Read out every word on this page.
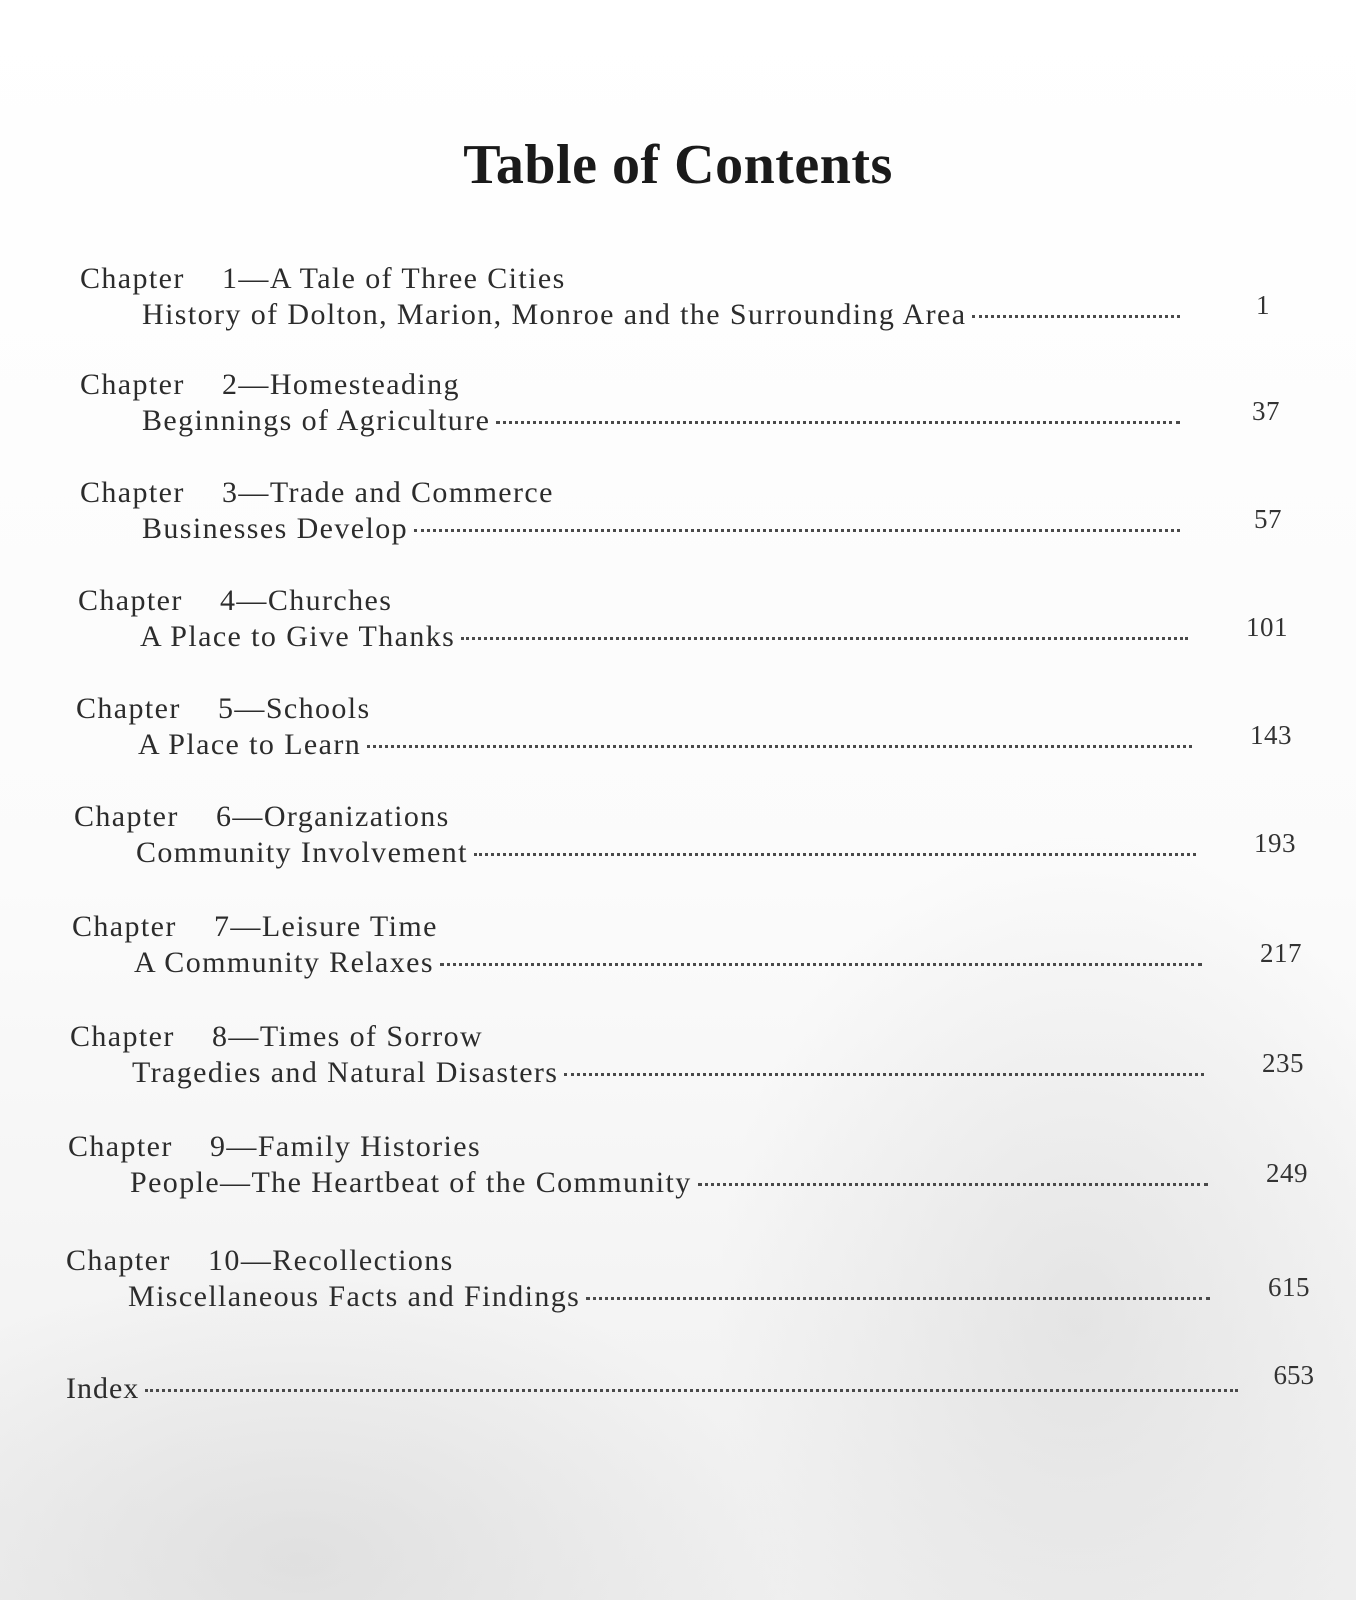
Table of Contents
Chapter 1—A Tale of Three Cities
History of Dolton, Marion, Monroe and the Surrounding Area	1
Chapter 2—Homesteading
Beginnings of Agriculture	37
Chapter 3—Trade and Commerce
Businesses Develop	57
Chapter 4—Churches
A Place to Give Thanks	101
Chapter 5—Schools
A Place to Learn	143
Chapter 6—Organizations
Community Involvement	193
Chapter 7—Leisure Time
A Community Relaxes	217
Chapter 8—Times of Sorrow
Tragedies and Natural Disasters	235
Chapter 9—Family Histories
People—The Heartbeat of the Community	249
Chapter 10—Recollections
Miscellaneous Facts and Findings	615
Index	653
